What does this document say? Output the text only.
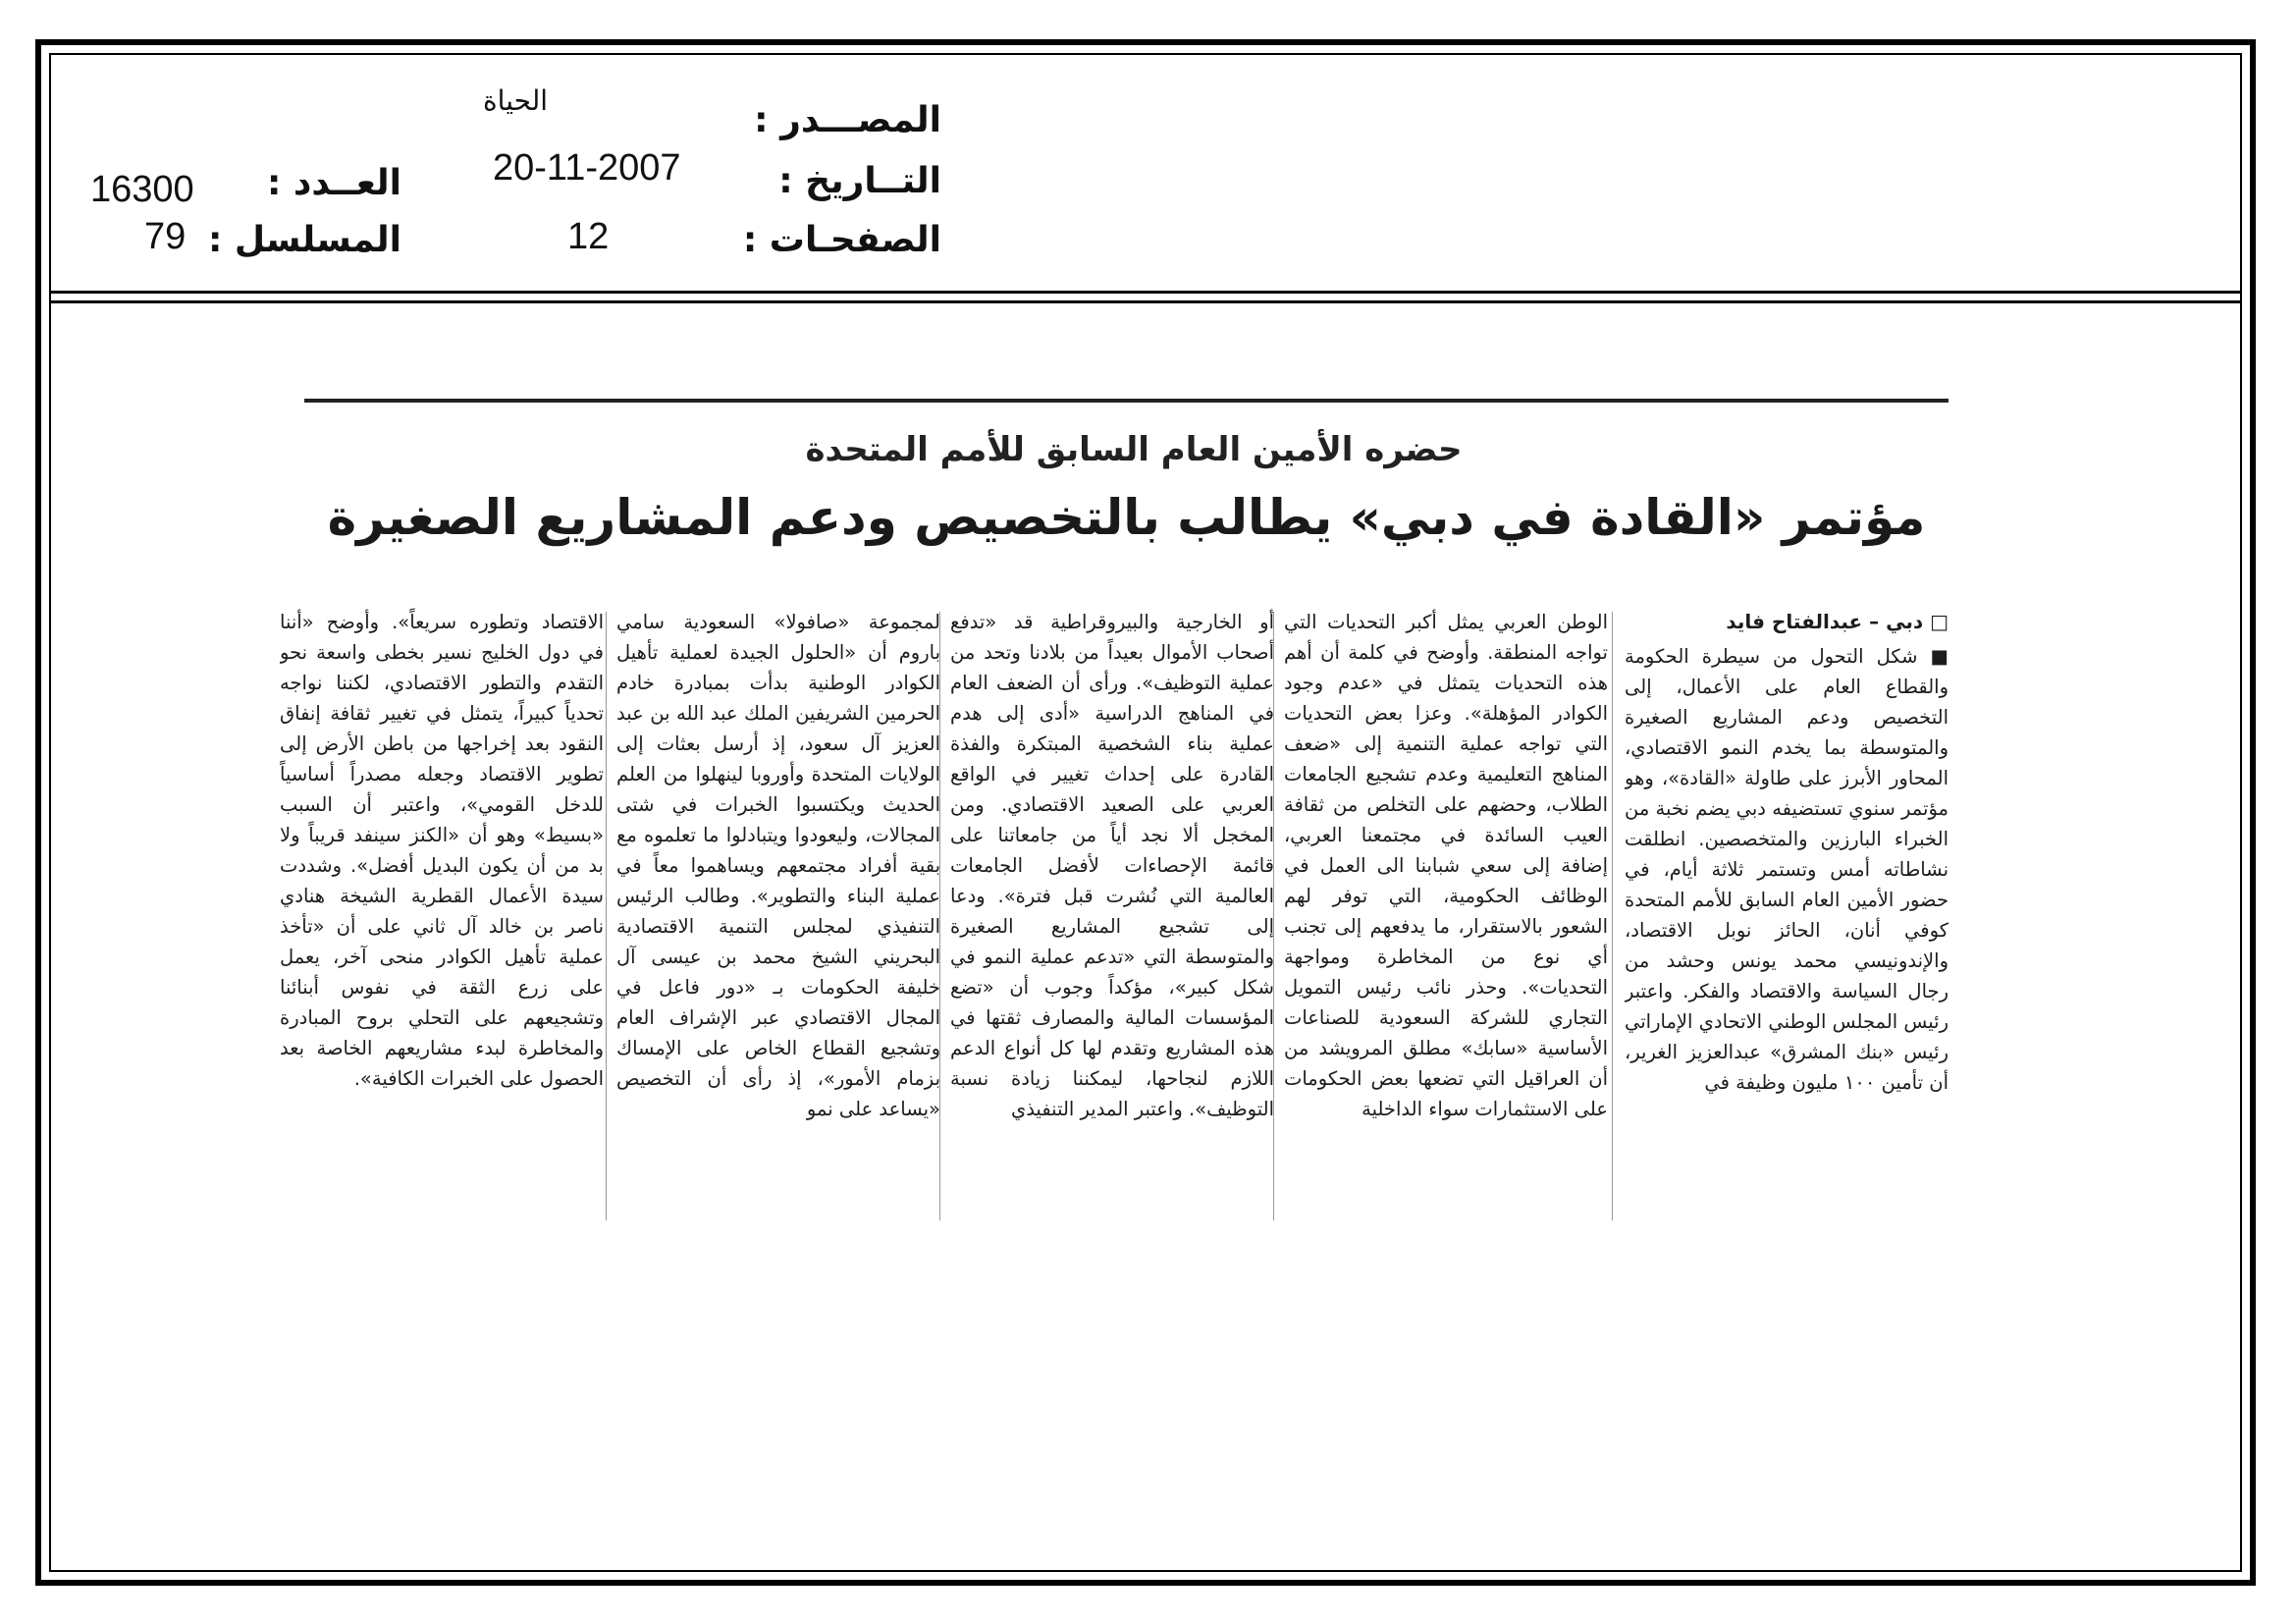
المصـــدر :
الحياة
التــاريخ :
20-11-2007
الصفحـات :
12
العــدد :
16300
المسلسل :
79
حضره الأمين العام السابق للأمم المتحدة
مؤتمر «القادة في دبي» يطالب بالتخصيص ودعم المشاريع الصغيرة
□ دبي – عبدالفتاح فايد
■ شكل التحول من سيطرة الحكومة والقطاع العام على الأعمال، إلى التخصيص ودعم المشاريع الصغيرة والمتوسطة بما يخدم النمو الاقتصادي، المحاور الأبرز على طاولة «القادة»، وهو مؤتمر سنوي تستضيفه دبي يضم نخبة من الخبراء البارزين والمتخصصين. انطلقت نشاطاته أمس وتستمر ثلاثة أيام، في حضور الأمين العام السابق للأمم المتحدة كوفي أنان، الحائز نوبل الاقتصاد، والإندونيسي محمد يونس وحشد من رجال السياسة والاقتصاد والفكر. واعتبر رئيس المجلس الوطني الاتحادي الإماراتي رئيس «بنك المشرق» عبدالعزيز الغرير، أن تأمين ١٠٠ مليون وظيفة في
الوطن العربي يمثل أكبر التحديات التي تواجه المنطقة. وأوضح في كلمة أن أهم هذه التحديات يتمثل في «عدم وجود الكوادر المؤهلة». وعزا بعض التحديات التي تواجه عملية التنمية إلى «ضعف المناهج التعليمية وعدم تشجيع الجامعات الطلاب، وحضهم على التخلص من ثقافة العيب السائدة في مجتمعنا العربي، إضافة إلى سعي شبابنا الى العمل في الوظائف الحكومية، التي توفر لهم الشعور بالاستقرار، ما يدفعهم إلى تجنب أي نوع من المخاطرة ومواجهة التحديات». وحذر نائب رئيس التمويل التجاري للشركة السعودية للصناعات الأساسية «سابك» مطلق المرويشد من أن العراقيل التي تضعها بعض الحكومات على الاستثمارات سواء الداخلية
أو الخارجية والبيروقراطية قد «تدفع أصحاب الأموال بعيداً من بلادنا وتحد من عملية التوظيف». ورأى أن الضعف العام في المناهج الدراسية «أدى إلى هدم عملية بناء الشخصية المبتكرة والفذة القادرة على إحداث تغيير في الواقع العربي على الصعيد الاقتصادي. ومن المخجل ألا نجد أياً من جامعاتنا على قائمة الإحصاءات لأفضل الجامعات العالمية التي نُشرت قبل فترة». ودعا إلى تشجيع المشاريع الصغيرة والمتوسطة التي «تدعم عملية النمو في شكل كبير»، مؤكداً وجوب أن «تضع المؤسسات المالية والمصارف ثقتها في هذه المشاريع وتقدم لها كل أنواع الدعم اللازم لنجاحها، ليمكننا زيادة نسبة التوظيف». واعتبر المدير التنفيذي
لمجموعة «صافولا» السعودية سامي باروم أن «الحلول الجيدة لعملية تأهيل الكوادر الوطنية بدأت بمبادرة خادم الحرمين الشريفين الملك عبد الله بن عبد العزيز آل سعود، إذ أرسل بعثات إلى الولايات المتحدة وأوروبا لينهلوا من العلم الحديث ويكتسبوا الخبرات في شتى المجالات، وليعودوا ويتبادلوا ما تعلموه مع بقية أفراد مجتمعهم ويساهموا معاً في عملية البناء والتطوير». وطالب الرئيس التنفيذي لمجلس التنمية الاقتصادية البحريني الشيخ محمد بن عيسى آل خليفة الحكومات بـ «دور فاعل في المجال الاقتصادي عبر الإشراف العام وتشجيع القطاع الخاص على الإمساك بزمام الأمور»، إذ رأى أن التخصيص «يساعد على نمو
الاقتصاد وتطوره سريعاً». وأوضح «أننا في دول الخليج نسير بخطى واسعة نحو التقدم والتطور الاقتصادي، لكننا نواجه تحدياً كبيراً، يتمثل في تغيير ثقافة إنفاق النقود بعد إخراجها من باطن الأرض إلى تطوير الاقتصاد وجعله مصدراً أساسياً للدخل القومي»، واعتبر أن السبب «بسيط» وهو أن «الكنز سينفد قريباً ولا بد من أن يكون البديل أفضل». وشددت سيدة الأعمال القطرية الشيخة هنادي ناصر بن خالد آل ثاني على أن «تأخذ عملية تأهيل الكوادر منحى آخر، يعمل على زرع الثقة في نفوس أبنائنا وتشجيعهم على التحلي بروح المبادرة والمخاطرة لبدء مشاريعهم الخاصة بعد الحصول على الخبرات الكافية».
